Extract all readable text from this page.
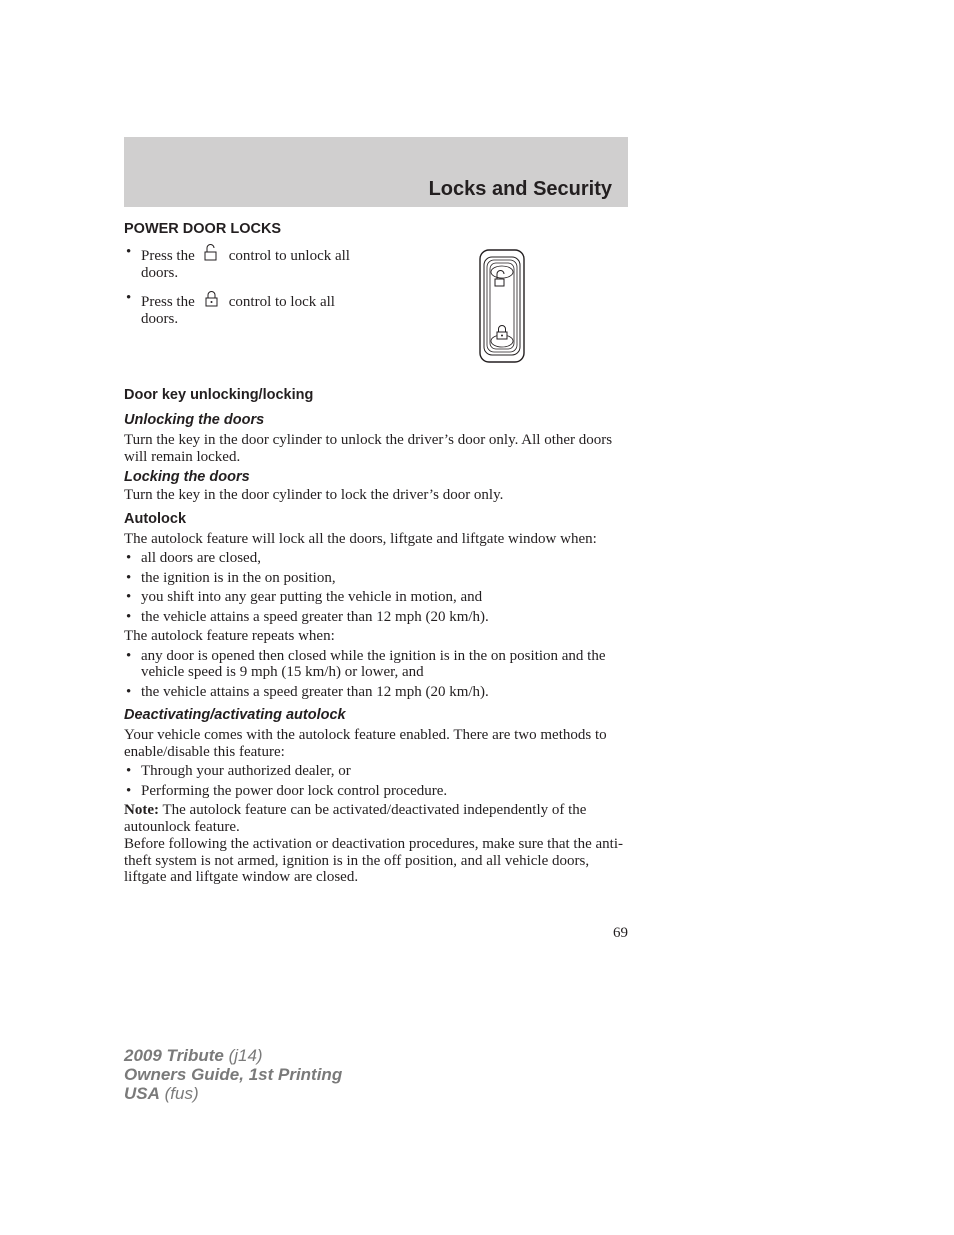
Locks and Security
POWER DOOR LOCKS
• Press the control to unlock all
doors.
• Press the control to lock all
doors.
Door key unlocking/locking
Unlocking the doors

Turn the key in the door cylinder to unlock the driver’s door only. All other doors will remain locked.

Locking the doors

Turn the key in the door cylinder to lock the driver’s door only.

Autolock

The autolock feature will lock all the doors, liftgate and liftgate window when:

• all doors are closed,
• the ignition is in the on position,
• you shift into any gear putting the vehicle in motion, and
• the vehicle attains a speed greater than 12 mph (20 km/h).

The autolock feature repeats when:

• any door is opened then closed while the ignition is in the on position and the vehicle speed is 9 mph (15 km/h) or lower, and
• the vehicle attains a speed greater than 12 mph (20 km/h).
Deactivating/activating autolock

Your vehicle comes with the autolock feature enabled. There are two methods to enable/disable this feature:

• Through your authorized dealer, or
• Performing the power door lock control procedure.

Note: The autolock feature can be activated/deactivated independently of the autounlock feature.

Before following the activation or deactivation procedures, make sure that the anti-theft system is not armed, ignition is in the off position, and all vehicle doors, liftgate and liftgate window are closed.

69
2009 Tribute (j14)
Owners Guide, 1st Printing
USA (fus)
